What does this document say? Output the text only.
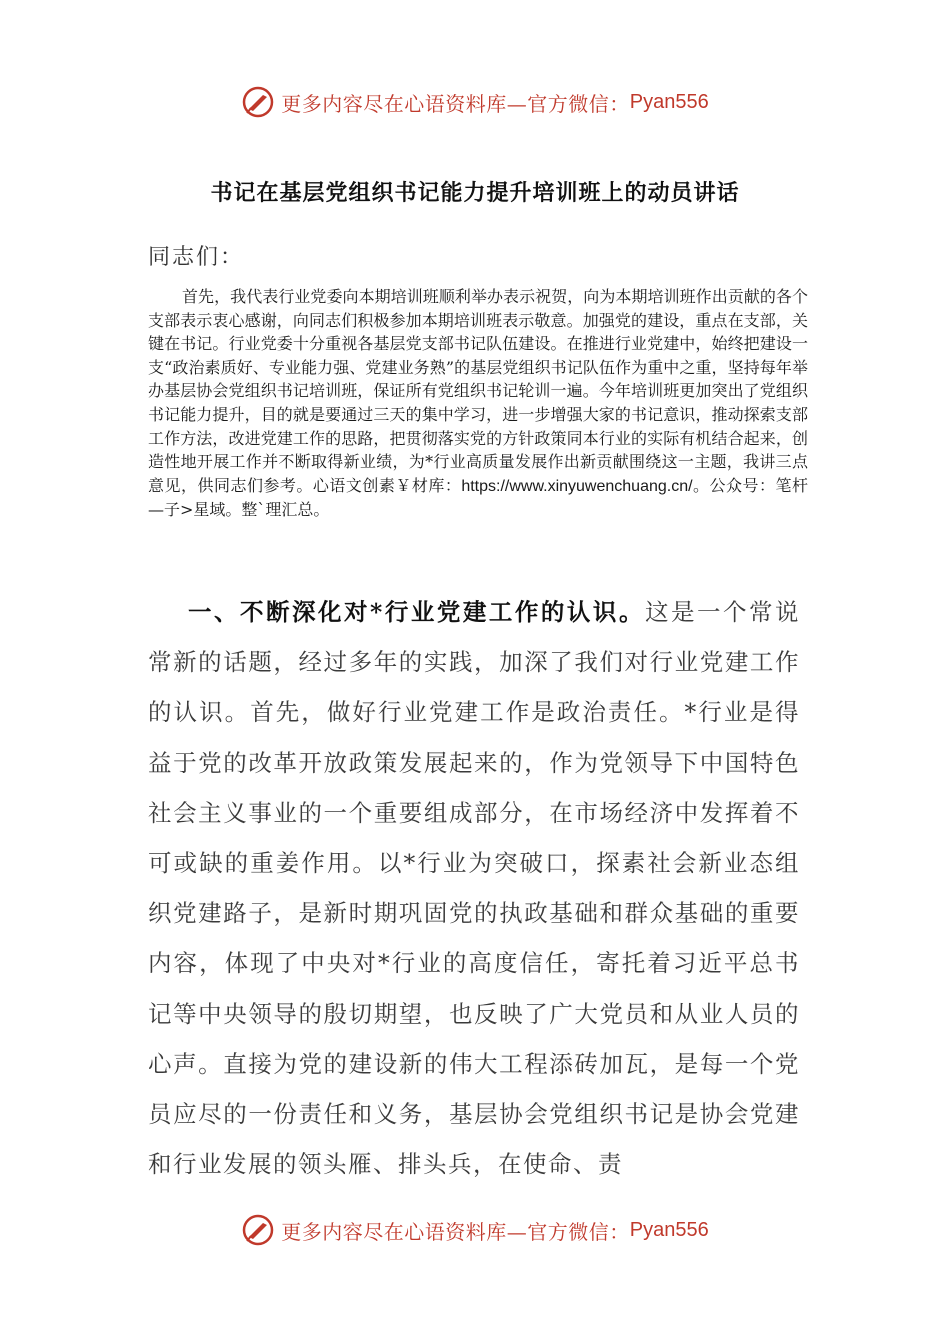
更多内容尽在心语资料库—官方微信： Pyan556
书记在基层党组织书记能力提升培训班上的动员讲话
同志们：
首先，我代表行业党委向本期培训班顺利举办表示祝贺，向为本期培训班作出贡献的各个支部表示衷心感谢，向同志们积极参加本期培训班表示敬意。加强党的建设，重点在支部，关键在书记。行业党委十分重视各基层党支部书记队伍建设。在推进行业党建中，始终把建设一支“政治素质好、专业能力强、党建业务熟”的基层党组织书记队伍作为重中之重，坚持每年举办基层协会党组织书记培训班，保证所有党组织书记轮训一遍。今年培训班更加突出了党组织书记能力提升，目的就是要通过三天的集中学习，进一步增强大家的书记意识，推动探索支部工作方法，改进党建工作的思路，把贯彻落实党的方针政策同本行业的实际有机结合起来，创造性地开展工作并不断取得新业绩，为*行业高质量发展作出新贡献围绕这一主题，我讲三点意见，供同志们参考。心语文创素￥材库：https://www.xinyuwenchuang.cn/。公众号：笔杆—子>星域。整`理汇总。
一、不断深化对*行业党建工作的认识。这是一个常说常新的话题，经过多年的实践，加深了我们对行业党建工作的认识。首先，做好行业党建工作是政治责任。*行业是得益于党的改革开放政策发展起来的，作为党领导下中国特色社会主义事业的一个重要组成部分，在市场经济中发挥着不可或缺的重姜作用。以*行业为突破口，探素社会新业态组织党建路子，是新时期巩固党的执政基础和群众基础的重要内容，体现了中央对*行业的高度信任，寄托着习近平总书记等中央领导的殷切期望，也反映了广大党员和从业人员的心声。直接为党的建设新的伟大工程添砖加瓦，是每一个党员应尽的一份责任和义务，基层协会党组织书记是协会党建和行业发展的领头雁、排头兵，在使命、责
更多内容尽在心语资料库—官方微信： Pyan556
